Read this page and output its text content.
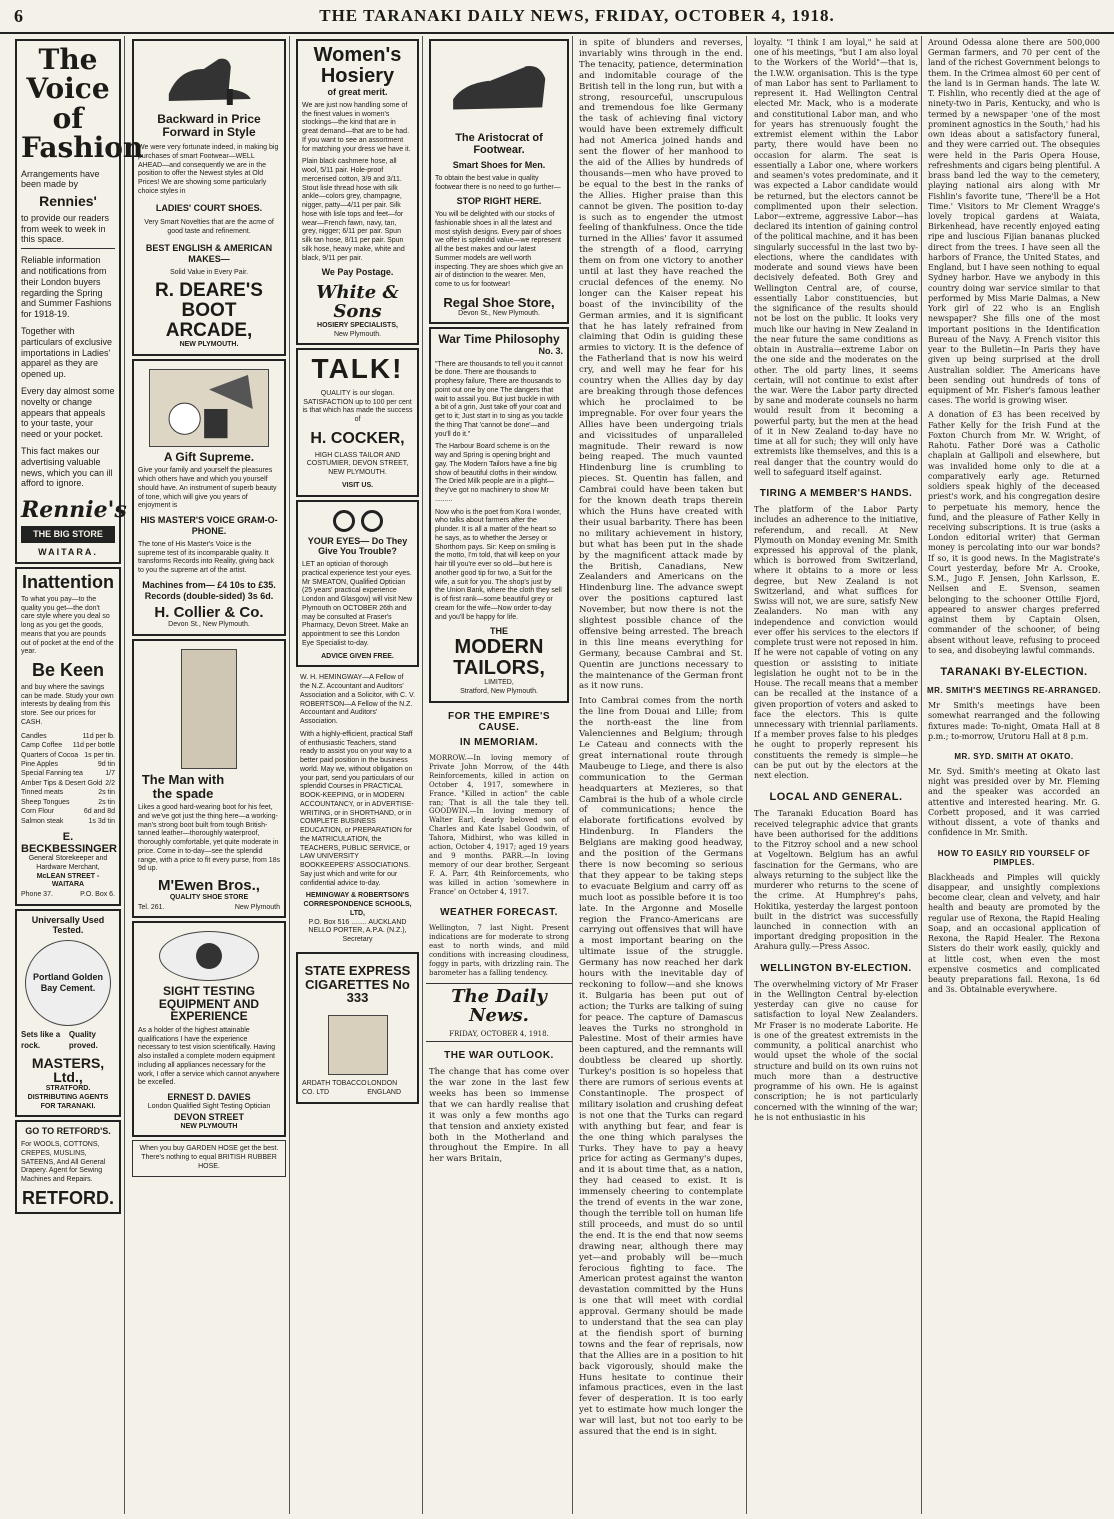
6	THE TARANAKI DAILY NEWS, FRIDAY, OCTOBER 4, 1918.
The Voice
of Fashion
Arrangements have been made by
Rennies'
to provide our readers from week to week in this space.
Reliable information and notifications from their London buyers regarding the Spring and Summer Fashions for 1918-19.
Together with particulars of exclusive importations in Ladies' apparel as they are opened up.
Every day almost some novelty or change appears that appeals to your taste, your need or your pocket.
This fact makes our advertising valuable news, which you can ill afford to ignore.
Rennie's
THE BIG STORE
WAITARA.
Inattention
To what you pay—to the quality you get—the don't care style where you deal so long as you get the goods, means that you are pounds out of pocket at the end of the year.
Be Keen
and buy where the savings can be made. Study your own interests by dealing from this store. See our prices for CASH.
Candles	11d per lb.
Camp Coffee 11d per bottle
Quarters of Cocoa 1s per tin.
Pine Apples	9d tin
Special Fanning tea	1/7
Amber Tips & Desert Gold 2/2
Tinned meats	2s tin
Sheep Tongues	2s tin
Corn Flour	6d and 8d
Salmon steak	1s 3d tin
E. BECKBESSINGER
General Storekeeper and Hardware Merchant,
McLEAN STREET - WAITARA
Phone 37.	P.O. Box 6.
Universally Used
Tested.
Portland Golden Bay Cement.
Sets like a rock.
Quality proved.
MASTERS, Ltd.,
STRATFORD.
DISTRIBUTING AGENTS FOR TARANAKI.
GO TO RETFORD'S.
For WOOLS, COTTONS, CREPES, MUSLINS, SATEENS, And All General Drapery. Agent for Sewing Machines and Repairs.
RETFORD.
Backward in Price
Forward in Style
We were very fortunate indeed, in making big purchases of smart Footwear—WELL AHEAD—and consequently we are in the position to offer the Newest styles at Old Prices! We are showing some particularly choice styles in
LADIES' COURT SHOES.
Very Smart Novelties that are the acme of good taste and refinement.
BEST ENGLISH & AMERICAN MAKES—
Solid Value in Every Pair.
R. DEARE'S BOOT ARCADE,
NEW PLYMOUTH.
A Gift Supreme.
Give your family and yourself the pleasures which others have and which you yourself should have. An instrument of superb beauty of tone, which will give you years of enjoyment is
HIS MASTER'S VOICE GRAM-O-PHONE.
The tone of His Master's Voice is the supreme test of its incomparable quality. It transforms Records into Reality, giving back to you the supreme art of the artist.
Machines from— £4 10s to £35.
Records (double-sided) 3s 6d.
H. Collier & Co.
Devon St., New Plymouth.
The Man with the spade
Likes a good hard-wearing boot for his feet, and we've got just the thing here—a working-man's strong boot built from tough British-tanned leather—thoroughly waterproof, thoroughly comfortable, yet quite moderate in price. Come in to-day—see the splendid range, with a price to fit every purse, from 18s 9d up.
M'Ewen Bros.,
QUALITY SHOE STORE
Tel. 261.	New Plymouth
SIGHT TESTING EQUIPMENT AND EXPERIENCE
As a holder of the highest attainable qualifications I have the experience necessary to test vision scientifically. Having also installed a complete modern equipment including all appliances necessary for the work, I offer a service which cannot anywhere be excelled.
ERNEST D. DAVIES
London Qualified Sight Testing Optician
DEVON STREET
NEW PLYMOUTH
When you buy GARDEN HOSE get the best. There's nothing to equal BRITISH RUBBER HOSE.
Women's Hosiery
of great merit.
We are just now handling some of the finest values in women's stockings—the kind that are in great demand—that are to be had. If you want to see an assortment for matching your dress we have it.
Plain black cashmere hose, all wool, 5/11 pair. Hole-proof mercerised cotton, 3/9 and 3/11. Stout lisle thread hose with silk ankle—colors grey, champagne, nigger, patty—4/11 per pair. Silk hose with lisle tops and feet—for wear—French fawn, navy, tan, grey, nigger; 6/11 per pair. Spun silk tan hose, 8/11 per pair. Spun silk hose, heavy make, white and black, 9/11 per pair.
We Pay Postage.
White & Sons
HOSIERY SPECIALISTS,
New Plymouth.
TALK!
QUALITY is our slogan. SATISFACTION up to 100 per cent is that which has made the success of
H. COCKER,
HIGH CLASS TAILOR AND COSTUMIER, DEVON STREET, NEW PLYMOUTH.
VISIT US.
YOUR EYES— Do They Give You Trouble?
LET an optician of thorough practical experience test your eyes. Mr SMEATON, Qualified Optician (25 years' practical experience London and Glasgow) will visit New Plymouth on OCTOBER 26th and may be consulted at Fraser's Pharmacy, Devon Street. Make an appointment to see this London Eye Specialist to-day.
ADVICE GIVEN FREE.
W. H. HEMINGWAY—A Fellow of the N.Z. Accountant and Auditors' Association and a Solicitor, with C. V. ROBERTSON—A Fellow of the N.Z. Accountant and Auditors' Association.
With a highly-efficient, practical Staff of enthusiastic Teachers, stand ready to assist you on your way to a better paid position in the business world. May we, without obligation on your part, send you particulars of our splendid Courses in PRACTICAL BOOK-KEEPING, or in MODERN ACCOUNTANCY, or in ADVERTISE-WRITING, or in SHORTHAND, or in COMPLETE BUSINESS EDUCATION, or PREPARATION for the MATRICULATION, the TEACHERS, PUBLIC SERVICE, or LAW UNIVERSITY BOOKKEEPERS' ASSOCIATIONS. Say just which and write for our confidential advice to-day.
HEMINGWAY & ROBERTSON'S CORRESPONDENCE SCHOOLS, LTD,
P.O. Box 516 ........ AUCKLAND
NELLO PORTER, A.P.A. (N.Z.), Secretary
STATE EXPRESS CIGARETTES No 333
ARDATH TOBACCO CO. LTD
LONDON ENGLAND
The Aristocrat of Footwear.
Smart Shoes for Men.
To obtain the best value in quality footwear there is no need to go further—
STOP RIGHT HERE.
You will be delighted with our stocks of fashionable shoes in all the latest and most stylish designs. Every pair of shoes we offer is splendid value—we represent all the best makes and our latest Summer models are well worth inspecting. They are shoes which give an air of distinction to the wearer. Men, come to us for footwear!
Regal Shoe Store,
Devon St., New Plymouth.
War Time Philosophy
No. 3.
"There are thousands to tell you it cannot be done. There are thousands to prophesy failure, There are thousands to point out one by one The dangers that wait to assail you. But just buckle in with a bit of a grin, Just take off your coat and get to it; Just start in to sing as you tackle the thing That 'cannot be done'—and you'll do it."
The Harbour Board scheme is on the way and Spring is opening bright and gay. The Modern Tailors have a fine big show of beautiful cloths in their window. The Dried Milk people are in a plight—they've got no machinery to show Mr .........
Now who is the poet from Kora I wonder, who talks about farmers after the plunder. It is all a matter of the heart so he says, as to whether the Jersey or Shorthorn pays. Sir: Keep on smiling is the motto, I'm told, that will keep on your hair till you're ever so old—but here is another good tip for two, a Suit for the wife, a suit for you. The shop's just by the Union Bank, where the cloth they sell is of first rank—some beautiful grey or cream for the wife—Now order to-day and you'll be happy for life.
THE
MODERN TAILORS,
LIMITED,
Stratford, New Plymouth.
FOR THE EMPIRE'S CAUSE.
IN MEMORIAM.
MORROW.—In loving memory of Private John Morrow, of the 44th Reinforcements, killed in action on October 4, 1917, somewhere in France. "Killed in action" the cable ran; That is all the tale they tell. GOODWIN.—In loving memory of Walter Earl, dearly beloved son of Charles and Kate Isabel Goodwin, of Tahora, Midhirst, who was killed in action, October 4, 1917; aged 19 years and 9 months. PARR.—In loving memory of our dear brother, Sergeant F. A. Parr, 4th Reinforcements, who was killed in action 'somewhere in France' on October 4, 1917.
WEATHER FORECAST.
Wellington, 7 last Night. Present indications are for moderate to strong east to north winds, and mild conditions with increasing cloudiness, foggy in parts, with drizzling rain. The barometer has a falling tendency.
The Daily News.
FRIDAY, OCTOBER 4, 1918.
THE WAR OUTLOOK.
The change that has come over the war zone in the last few weeks has been so immense that we can hardly realise that it was only a few months ago that tension and anxiety existed both in the Motherland and throughout the Empire. In all her wars Britain,
in spite of blunders and reverses, invariably wins through in the end. The tenacity, patience, determination and indomitable courage of the British tell in the long run, but with a strong, resourceful, unscrupulous and tremendous foe like Germany the task of achieving final victory would have been extremely difficult had not America joined hands and sent the flower of her manhood to the aid of the Allies by hundreds of thousands—men who have proved to be equal to the best in the ranks of the Allies. Higher praise than this cannot be given. The position to-day is such as to engender the utmost feeling of thankfulness. Once the tide turned in the Allies' favor it assumed the strength of a flood, carrying them on from one victory to another until at last they have reached the crucial defences of the enemy. No longer can the Kaiser repeat his boast of the invincibility of the German armies, and it is significant that he has lately refrained from claiming that Odin is guiding these armies to victory. It is the defence of the Fatherland that is now his weird cry, and well may he fear for his country when the Allies day by day are breaking through those defences which he proclaimed to be impregnable. For over four years the Allies have been undergoing trials and vicissitudes of unparalleled magnitude. Their reward is now being reaped. The much vaunted Hindenburg line is crumbling to pieces. St. Quentin has fallen, and Cambrai could have been taken but for the known death traps therein which the Huns have created with their usual barbarity. There has been no military achievement in history, but what has been put in the shade by the magnificent attack made by the British, Canadians, New Zealanders and Americans on the Hindenburg line. The advance swept over the positions captured last November, but now there is not the slightest possible chance of the offensive being arrested. The breach in this line means everything for Germany, because Cambrai and St. Quentin are junctions necessary to the maintenance of the German front as it now runs.
Into Cambrai comes from the north the line from Douai and Lille; from the north-east the line from Valenciennes and Belgium; through Le Cateau and connects with the great international route through Maubeuge to Liege, and there is also communication to the German headquarters at Mezieres, so that Cambrai is the hub of a whole circle of communications; hence the elaborate fortifications evolved by Hindenburg. In Flanders the Belgians are making good headway, and the position of the Germans there is now becoming so serious that they appear to be taking steps to evacuate Belgium and carry off as much loot as possible before it is too late. In the Argonne and Moselle region the Franco-Americans are carrying out offensives that will have a most important bearing on the ultimate issue of the struggle. Germany has now reached her dark hours with the inevitable day of reckoning to follow—and she knows it. Bulgaria has been put out of action; the Turks are talking of suing for peace. The capture of Damascus leaves the Turks no stronghold in Palestine. Most of their armies have been captured, and the remnants will doubtless be cleared up shortly. Turkey's position is so hopeless that there are rumors of serious events at Constantinople. The prospect of military isolation and crushing defeat is not one that the Turks can regard with anything but fear, and fear is the one thing which paralyses the Turks. They have to pay a heavy price for acting as Germany's dupes, and it is about time that, as a nation, they had ceased to exist. It is immensely cheering to contemplate the trend of events in the war zone, though the terrible toll on human life still proceeds, and must do so until the end. It is the end that now seems drawing near, although there may yet—and probably will be—much ferocious fighting to face. The American protest against the wanton devastation committed by the Huns is one that will meet with cordial approval. Germany should be made to understand that the sea can play at the fiendish sport of burning towns and the fear of reprisals, now that the Allies are in a position to hit back vigorously, should make the Huns hesitate to continue their infamous practices, even in the last fever of desperation. It is too early yet to estimate how much longer the war will last, but not too early to be assured that the end is in sight.
loyalty. "I think I am loyal," he said at one of his meetings, "but I am also loyal to the Workers of the World"—that is, the I.W.W. organisation. This is the type of man Labor has sent to Parliament to represent it. Had Wellington Central elected Mr. Mack, who is a moderate and constitutional Labor man, and who for years has strenuously fought the extremist element within the Labor party, there would have been no occasion for alarm. The seat is essentially a Labor one, where workers and seamen's votes predominate, and it was expected a Labor candidate would be returned, but the electors cannot be complimented upon their selection. Labor—extreme, aggressive Labor—has declared its intention of gaining control of the political machine, and it has been singularly successful in the last two by-elections, where the candidates with moderate and sound views have been decisively defeated. Both Grey and Wellington Central are, of course, essentially Labor constituencies, but the significance of the results should not be lost on the public. It looks very much like our having in New Zealand in the near future the same conditions as obtain in Australia—extreme Labor on the one side and the moderates on the other. The old party lines, it seems certain, will not continue to exist after the war. Were the Labor party directed by sane and moderate counsels no harm would result from it becoming a powerful party, but the men at the head of it in New Zealand to-day have no time at all for such; they will only have extremists like themselves, and this is a real danger that the country would do well to safeguard itself against.
TIRING A MEMBER'S HANDS.
The platform of the Labor Party includes an adherence to the initiative, referendum, and recall. At New Plymouth on Monday evening Mr. Smith expressed his approval of the plank, which is borrowed from Switzerland, where it obtains to a more or less degree, but New Zealand is not Switzerland, and what suffices for Swiss will not, we are sure, satisfy New Zealanders. No man with any independence and conviction would ever offer his services to the electors if complete trust were not reposed in him. If he were not capable of voting on any question or assisting to initiate legislation he ought not to be in the House. The recall means that a member can be recalled at the instance of a given proportion of voters and asked to face the electors. This is quite unnecessary with triennial parliaments. If a member proves false to his pledges he ought to properly represent his constituents the remedy is simple—he can be put out by the electors at the next election.
LOCAL AND GENERAL.
The Taranaki Education Board has received telegraphic advice that grants have been authorised for the additions to the Fitzroy school and a new school at Vogeltown. Belgium has an awful fascination for the Germans, who are always returning to the subject like the murderer who returns to the scene of the crime. At Humphrey's pahs, Hokitika, yesterday the largest pontoon built in the district was successfully launched in connection with an important dredging proposition in the Arahura gully.—Press Assoc.
WELLINGTON BY-ELECTION.
The overwhelming victory of Mr Fraser in the Wellington Central by-election yesterday can give no cause for satisfaction to loyal New Zealanders. Mr Fraser is no moderate Laborite. He is one of the greatest extremists in the community, a political anarchist who would upset the whole of the social structure and build on its own ruins not much more than a destructive programme of his own. He is against conscription; he is not particularly concerned with the winning of the war; he is not enthusiastic in his
Around Odessa alone there are 500,000 German farmers, and 70 per cent of the land of the richest Government belongs to them. In the Crimea almost 60 per cent of the land is in German hands. The late W. T. Fishlin, who recently died at the age of ninety-two in Paris, Kentucky, and who is termed by a newspaper 'one of the most prominent agnostics in the South,' had his own ideas about a satisfactory funeral, and they were carried out. The obsequies were held in the Paris Opera House, refreshments and cigars being plentiful. A brass band led the way to the cemetery, playing national airs along with Mr Fishlin's favorite tune, 'There'll be a Hot Time.' Visitors to Mr Clement Wragge's lovely tropical gardens at Waiata, Birkenhead, have recently enjoyed eating ripe and luscious Fijian bananas plucked direct from the trees. I have seen all the harbors of France, the United States, and England, but I have seen nothing to equal Sydney harbor. Have we anybody in this country doing war service similar to that performed by Miss Marie Dalmas, a New York girl of 22 who is an English newspaper? She fills one of the most important positions in the Identification Bureau of the Navy. A French visitor this year to the Bulletin—In Paris they have given up being surprised at the droll Australian soldier. The Americans have been sending out hundreds of tons of equipment of Mr. Fisher's famous leather cases. The world is growing wiser.
A donation of £3 has been received by Father Kelly for the Irish Fund at the Foxton Church from Mr. W. Wright, of Rahotu. Father Doré was a Catholic chaplain at Gallipoli and elsewhere, but was invalided home only to die at a comparatively early age. Returned soldiers speak highly of the deceased priest's work, and his congregation desire to perpetuate his memory, hence the fund, and the pleasure of Father Kelly in receiving subscriptions. It is true (asks a London editorial writer) that German money is percolating into our war bonds? If so, it is good news. In the Magistrate's Court yesterday, before Mr A. Crooke, S.M., Jugo F. Jensen, John Karlsson, E. Neilsen and E. Svenson, seamen belonging to the schooner Ottilie Fjord, appeared to answer charges preferred against them by Captain Olsen, commander of the schooner, of being absent without leave, refusing to proceed to sea, and disobeying lawful commands.
TARANAKI BY-ELECTION.
MR. SMITH'S MEETINGS RE-ARRANGED.
Mr Smith's meetings have been somewhat rearranged and the following fixtures made: To-night, Omata Hall at 8 p.m.; to-morrow, Urutoru Hall at 8 p.m.
MR. SYD. SMITH AT OKATO.
Mr. Syd. Smith's meeting at Okato last night was presided over by Mr. Fleming and the speaker was accorded an attentive and interested hearing. Mr. G. Corbett proposed, and it was carried without dissent, a vote of thanks and confidence in Mr. Smith.
HOW TO EASILY RID YOURSELF OF PIMPLES.
Blackheads and Pimples will quickly disappear, and unsightly complexions become clear, clean and velvety, and hair health and beauty are promoted by the regular use of Rexona, the Rapid Healing Soap, and an occasional application of Rexona, the Rapid Healer. The Rexona Sisters do their work easily, quickly and at little cost, when even the most expensive cosmetics and complicated beauty preparations fail. Rexona, 1s 6d and 3s. Obtainable everywhere.
